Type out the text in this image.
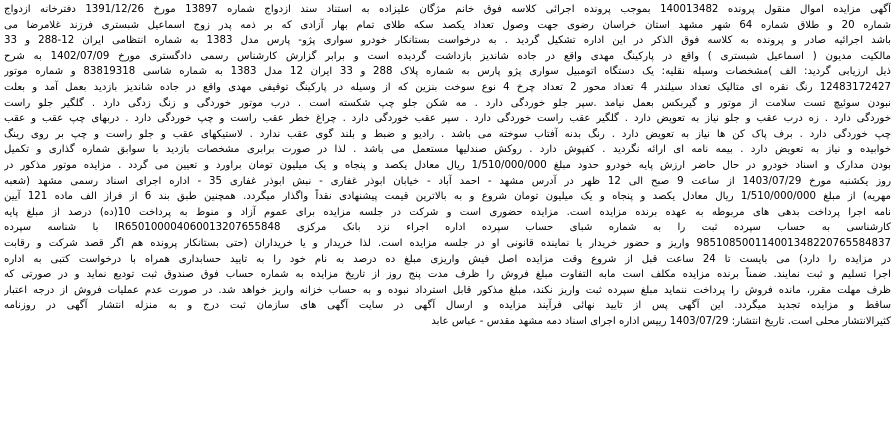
آگهی مزایده اموال منقول پرونده 140013482 بموجب پرونده اجرائی کلاسه فوق خانم مژگان علیزاده به استناد سند ازدواج شماره 13897 مورخ 1391/12/26 دفترخانه ازدواج
شماره 20 و طلاق شماره 64 شهر مشهد استان خراسان رضوی جهت وصول تعداد یکصد سکه طلای تمام بهار آزادی که بر ذمه پدر زوج اسماعیل شبستری فرزند غلامرضا می
باشد اجرائیه صادر و پرونده به کلاسه فوق الذکر در این اداره تشکیل گردید . به درخواست بستانکار خودرو سواری پژو- پارس مدل 1383 به شماره انتظامی ایران 12-288 و 33
مالکیت مدیون ( اسماعیل شبستری ) واقع در پارکینگ مهدی واقع در جاده شاندیز بازداشت گردیده است و برابر گزارش کارشناس رسمی دادگستری مورخ 1402/07/09 به شرح
ذیل ارزیابی گردید: الف )مشخصات وسیله نقلیه: یک دستگاه اتومبیل سواری پژو پارس به شماره پلاک 288 و 33 ایران 12 مدل 1383 به شماره شاسی 83819318 و شماره موتور
12483172427 رنگ نقره ای متالیک تعداد سیلندر 4 تعداد محور 2 تعداد چرخ 4 نوع سوخت بنزین که از وسیله در پارکینگ توقیفی مهدی واقع در جاده شاندیز بازدید بعمل آمد و بعلت
نبودن سوئیچ تست سلامت از موتور و گیربکس بعمل نیامد .سپر جلو خوردگی دارد . مه شکن جلو چپ شکسته است . درب موتور خوردگی و زنگ زدگی دارد . گلگیر جلو راست
خوردگی دارد . زه درب عقب و جلو نیاز به تعویض دارد . گلگیر عقب راست خوردگی دارد . سپر عقب خوردگی دارد . چراغ خطر عقب راست و چپ خوردگی دارد . دربهای چپ عقب و عقب
چپ خوردگی دارد . برف پاک کن ها نیاز به تعویض دارد . رنگ بدنه آفتاب سوخته می باشد . رادیو و ضبط و بلند گوی عقب ندارد . لاستیکهای عقب و جلو راست و چپ بر روی رینگ
خوابیده و نیاز به تعویض دارد . بیمه نامه ای ارائه نگردید . کفپوش دارد . روکش صندلیها مستعمل می باشد . لذا در صورت برابری مشخصات بازدید با سوابق شماره گذاری و تکمیل
بودن مدارک و اسناد خودرو در حال حاضر ارزش پایه خودرو حدود مبلغ 1/510/000/000 ریال معادل یکصد و پنجاه و یک میلیون تومان براورد و تعیین می گردد . مزایده موتور مذکور در
روز یکشنبه مورخ 1403/07/29 از ساعت 9 صبح الی 12 ظهر در آدرس مشهد - احمد آباد - خیابان ابوذر غفاری - نبش ابوذر غفاری 35 - اداره اجرای اسناد رسمی مشهد (شعبه
مهریه) از مبلغ 1/510/000/000 ریال معادل یکصد و پنجاه و یک میلیون تومان شروع و به بالاترین قیمت پیشنهادی نقداً واگذار میگردد. همچنین طبق بند 6 از فراز الف ماده 121 آیین
نامه اجرا پرداخت بدهی های مربوطه به عهده برنده مزایده است. مزایده حضوری است و شرکت در جلسه مزایده برای عموم آزاد و منوط به پرداخت 10(ده) درصد از مبلغ پایه
کارشناسی به حساب سپرده ثبت را به شماره شبای حساب سپرده اداره اجراء نزد بانک مرکزی IR650100004060013207655848 با شناسه سپرده
985108500114001348220765584837 واریز و حضور خریدار یا نماینده قانونی او در جلسه مزایده است. لذا خریدار و یا خریداران (حتی بستانکار پرونده هم اگر قصد شرکت و رقابت
در مزایده را دارد) می بایست تا 24 ساعت قبل از شروع وقت مزایده اصل فیش واریزی مبلغ ده درصد به نام خود را به تایید حسابداری همراه با درخواست کتبی به اداره
اجرا تسلیم و ثبت نمایند. ضمناً برنده مزایده مکلف است مابه التفاوت مبلغ فروش را ظرف مدت پنج روز از تاریخ مزایده به شماره حساب فوق صندوق ثبت تودیع نماید و در صورتی که
ظرف مهلت مقرر، مانده فروش را پرداخت ننماید مبلغ سپرده ثبت واریز نکند، مبلغ مذکور قابل استرداد نبوده و به حساب خزانه واریز خواهد شد. در صورت عدم عملیات فروش از درجه اعتبار
ساقط و مزایده تجدید میگردد. این آگهی پس از تایید نهائی فرآیند مزایده و ارسال آگهی در سایت آگهی های سازمان ثبت درج و به منزله انتشار آگهی در روزنامه
کثیرالانتشار محلی است. تاریخ انتشار: 1403/07/29 رییس اداره اجرای اسناد دمه مشهد مقدس - عباس عابد
